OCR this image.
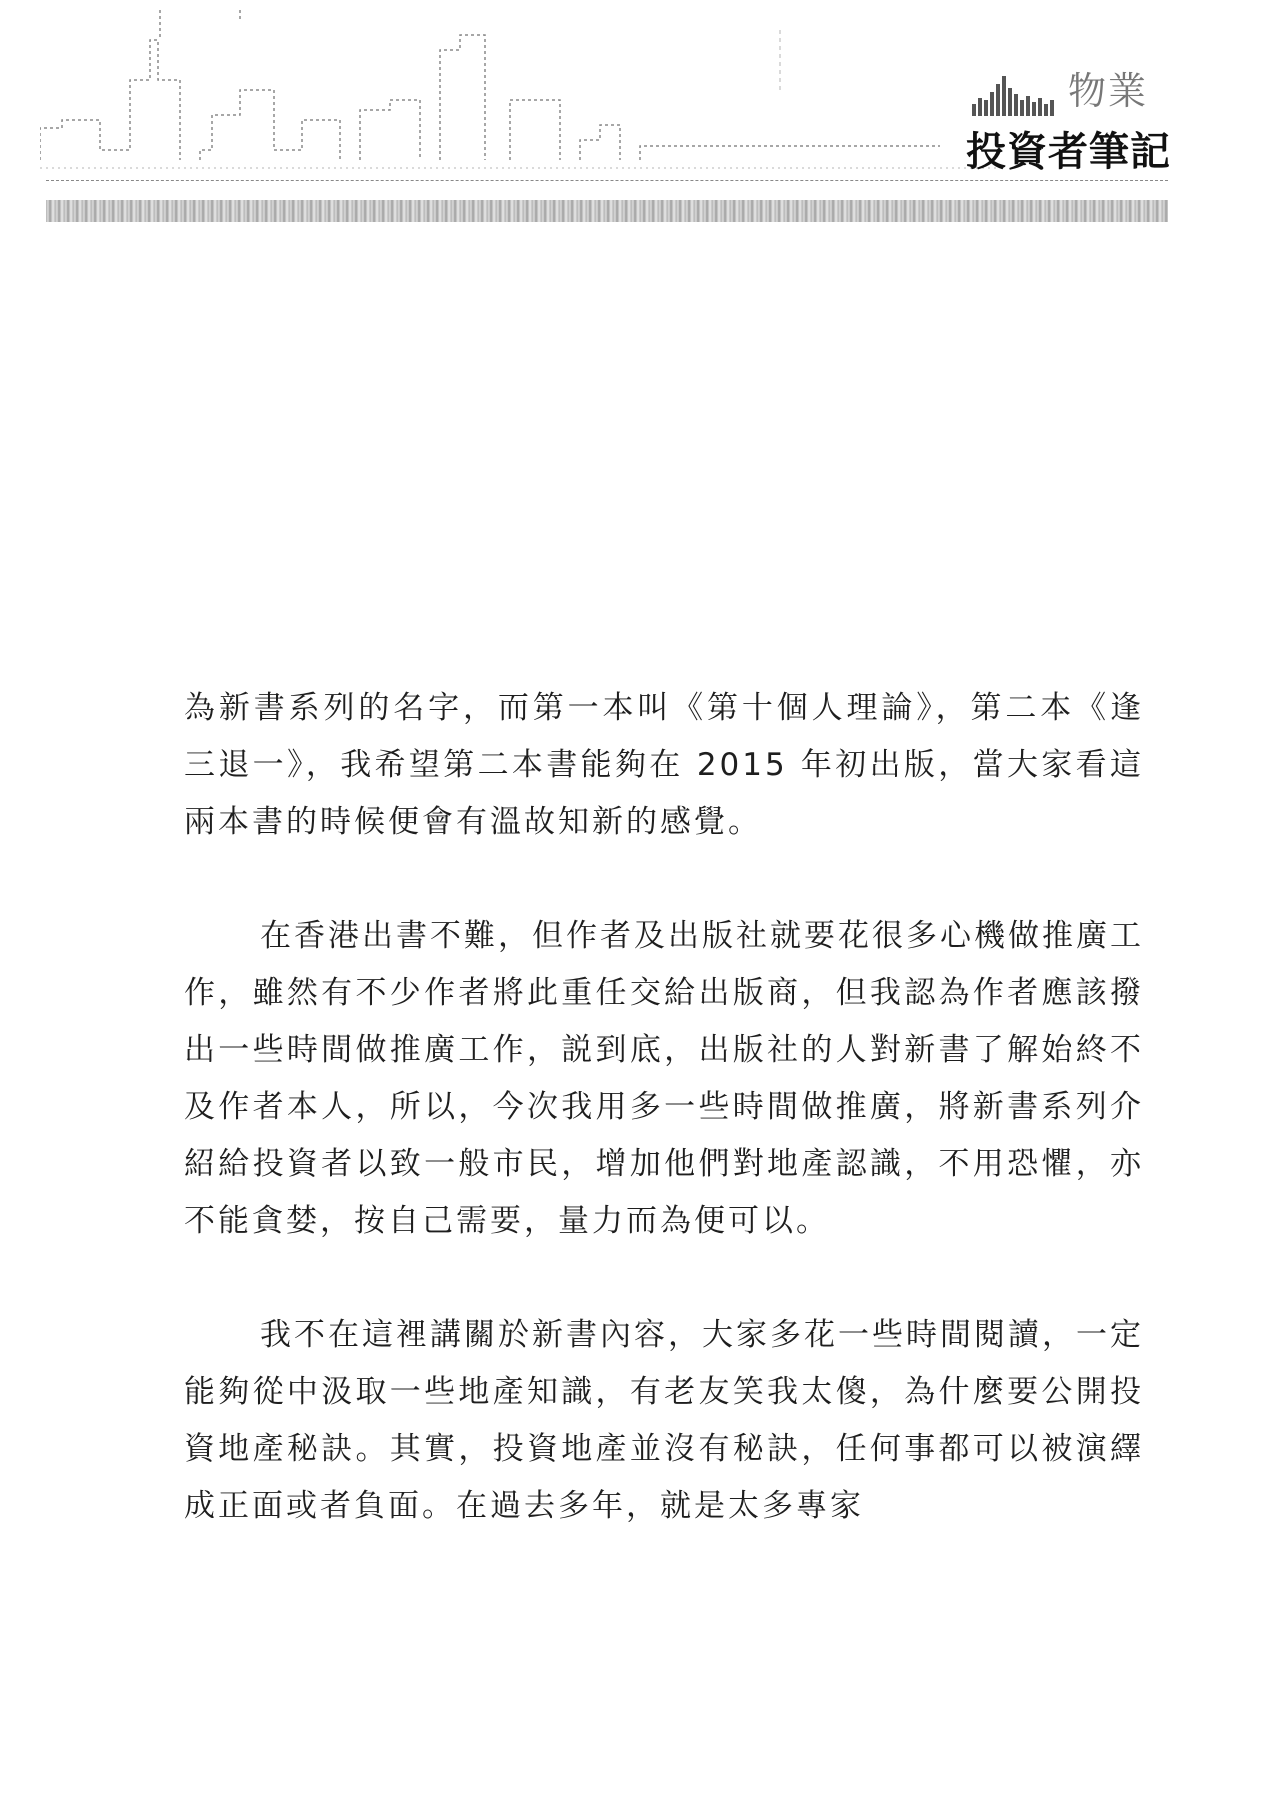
物業
投資者筆記

為新書系列的名字，而第一本叫《第十個人理論》，第二本《逢三退一》，我希望第二本書能夠在 2015 年初出版，當大家看這兩本書的時候便會有溫故知新的感覺。

在香港出書不難，但作者及出版社就要花很多心機做推廣工作，雖然有不少作者將此重任交給出版商，但我認為作者應該撥出一些時間做推廣工作，説到底，出版社的人對新書了解始終不及作者本人，所以，今次我用多一些時間做推廣，將新書系列介紹給投資者以致一般市民，增加他們對地產認識，不用恐懼，亦不能貪婪，按自己需要，量力而為便可以。

我不在這裡講關於新書內容，大家多花一些時間閱讀，一定能夠從中汲取一些地產知識，有老友笑我太傻，為什麼要公開投資地產秘訣。其實，投資地產並沒有秘訣，任何事都可以被演繹成正面或者負面。在過去多年，就是太多專家
